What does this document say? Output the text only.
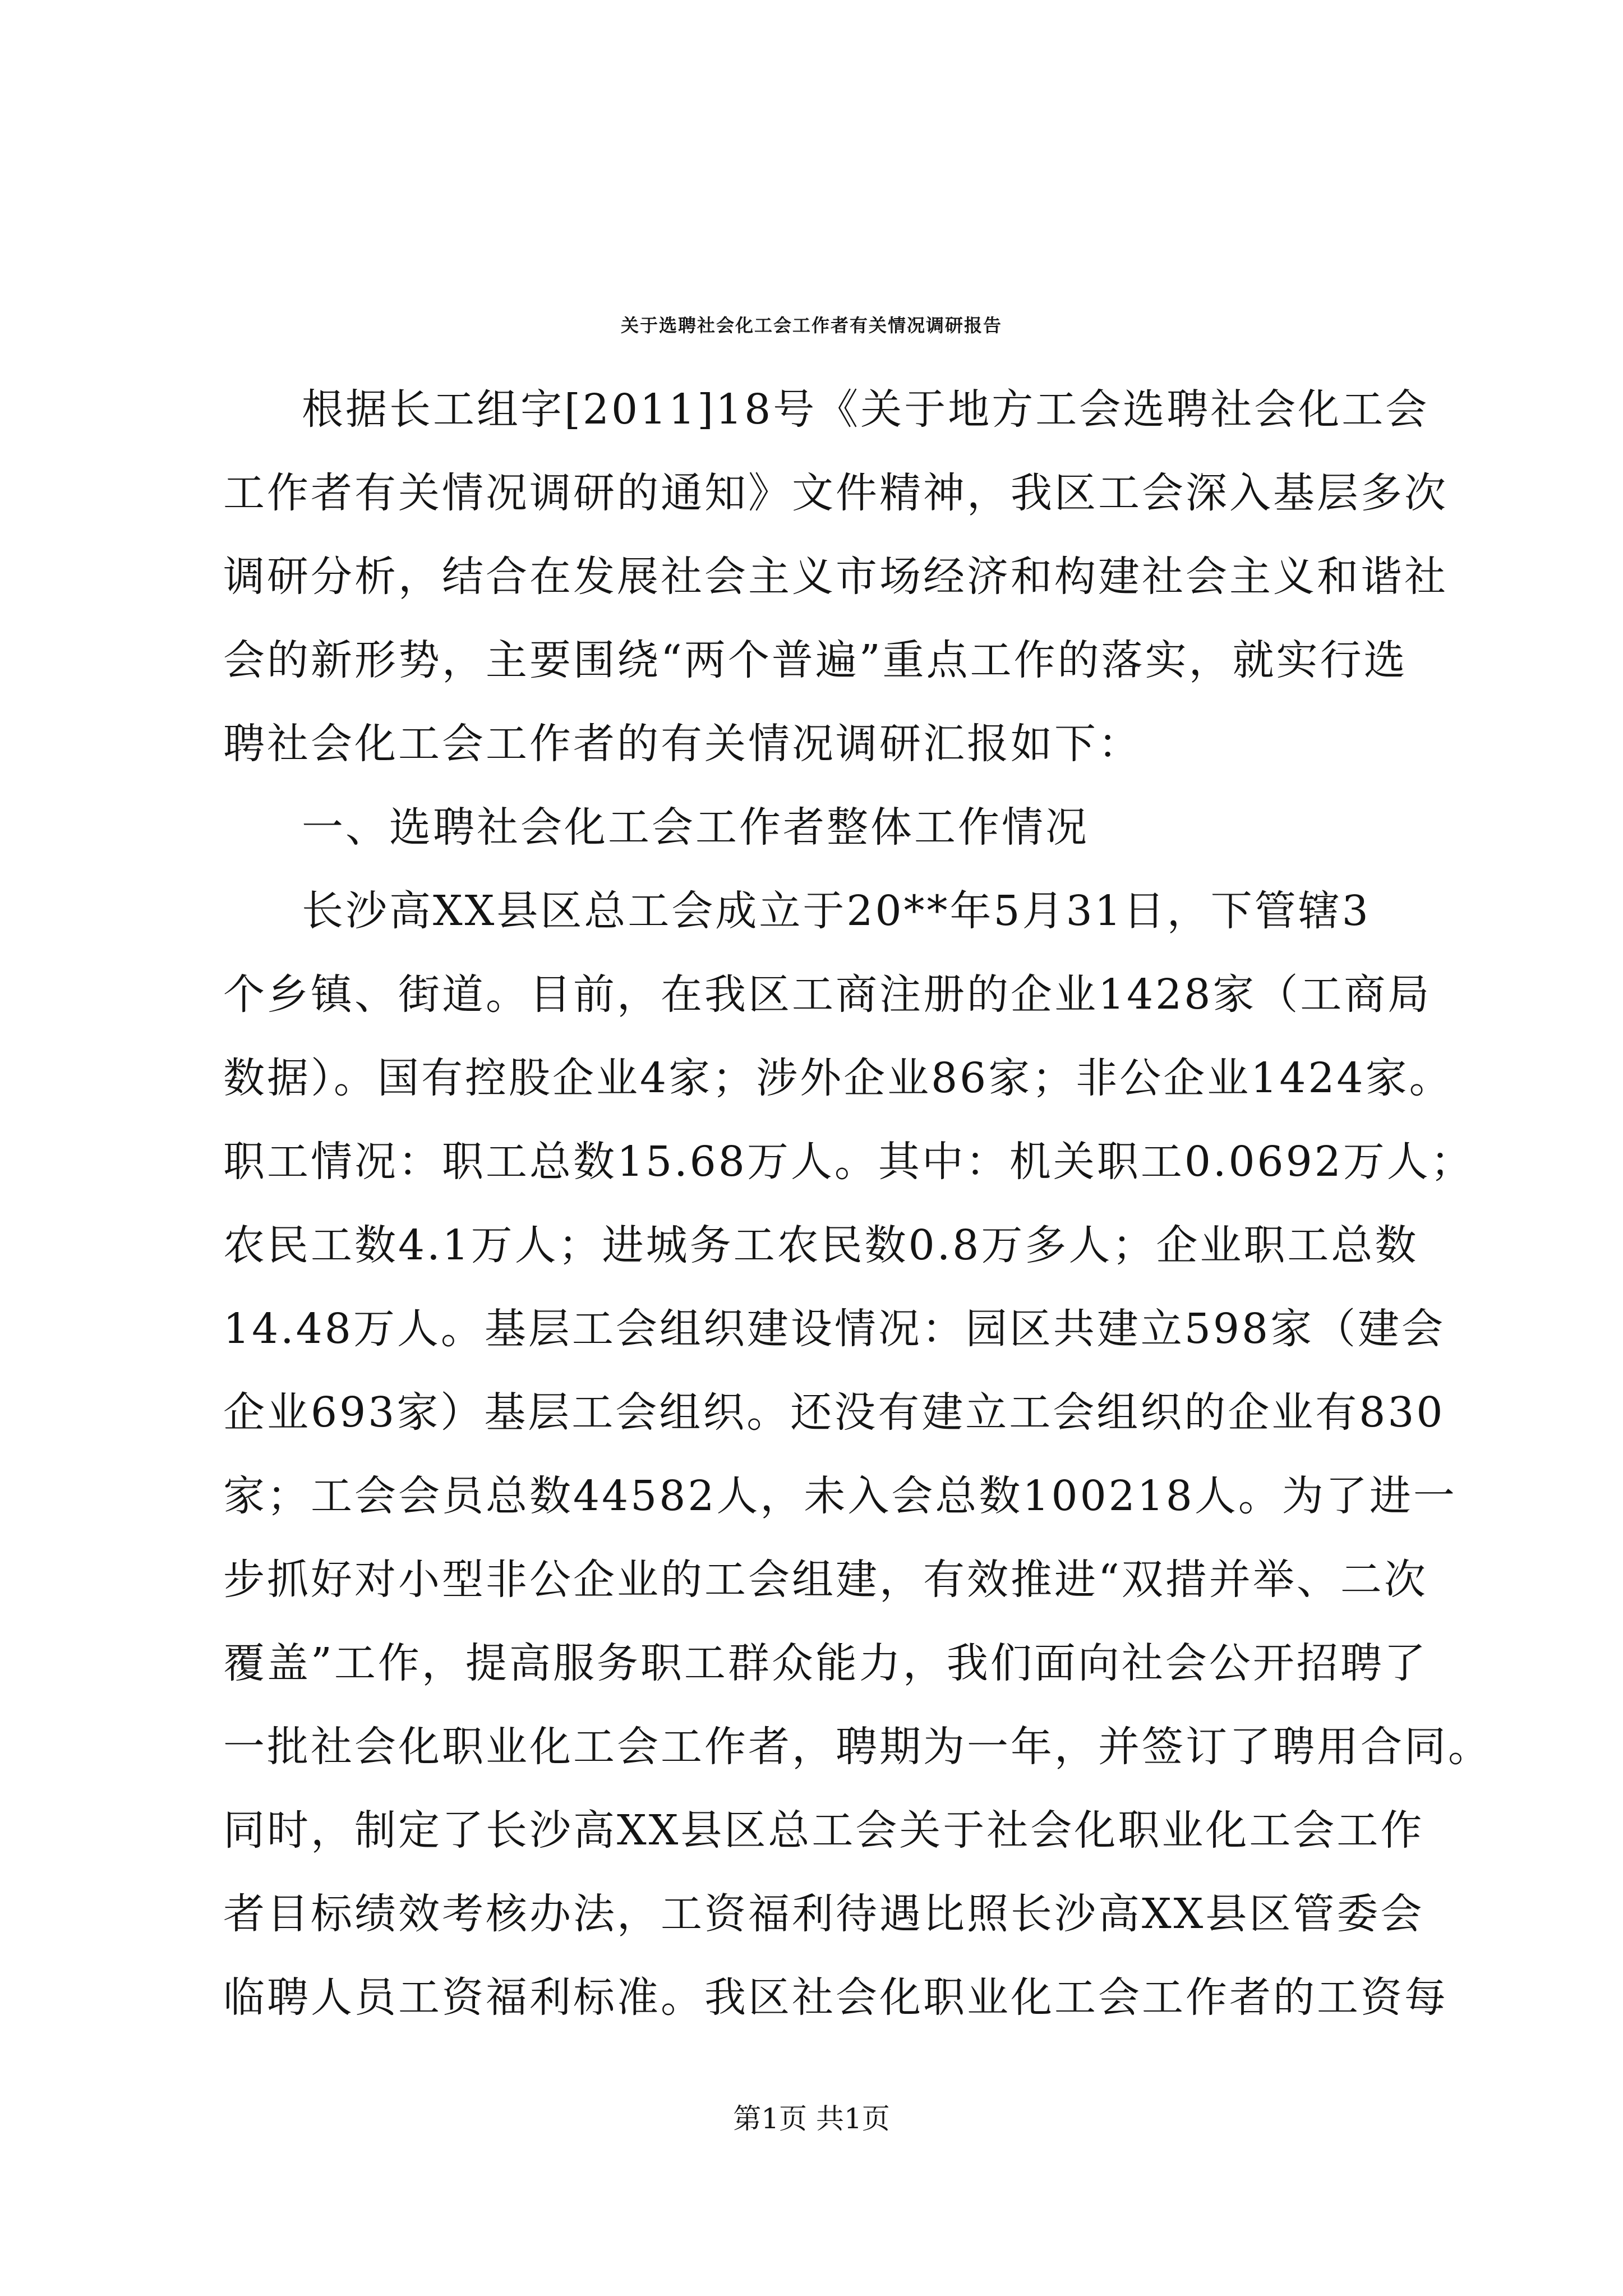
关于选聘社会化工会工作者有关情况调研报告
根据长工组字[2011]18号《关于地方工会选聘社会化工会
工作者有关情况调研的通知》文件精神，我区工会深入基层多次
调研分析，结合在发展社会主义市场经济和构建社会主义和谐社
会的新形势，主要围绕“两个普遍”重点工作的落实，就实行选
聘社会化工会工作者的有关情况调研汇报如下：
一、选聘社会化工会工作者整体工作情况
长沙高XX县区总工会成立于20**年5月31日，下管辖3
个乡镇、街道。目前，在我区工商注册的企业1428家（工商局
数据）。国有控股企业4家；涉外企业86家；非公企业1424家。
职工情况：职工总数15.68万人。其中：机关职工0.0692万人；
农民工数4.1万人；进城务工农民数0.8万多人；企业职工总数
14.48万人。基层工会组织建设情况：园区共建立598家（建会
企业693家）基层工会组织。还没有建立工会组织的企业有830
家；工会会员总数44582人，未入会总数100218人。为了进一
步抓好对小型非公企业的工会组建，有效推进“双措并举、二次
覆盖”工作，提高服务职工群众能力，我们面向社会公开招聘了
一批社会化职业化工会工作者，聘期为一年，并签订了聘用合同。
同时，制定了长沙高XX县区总工会关于社会化职业化工会工作
者目标绩效考核办法，工资福利待遇比照长沙高XX县区管委会
临聘人员工资福利标准。我区社会化职业化工会工作者的工资每
第1页 共1页
